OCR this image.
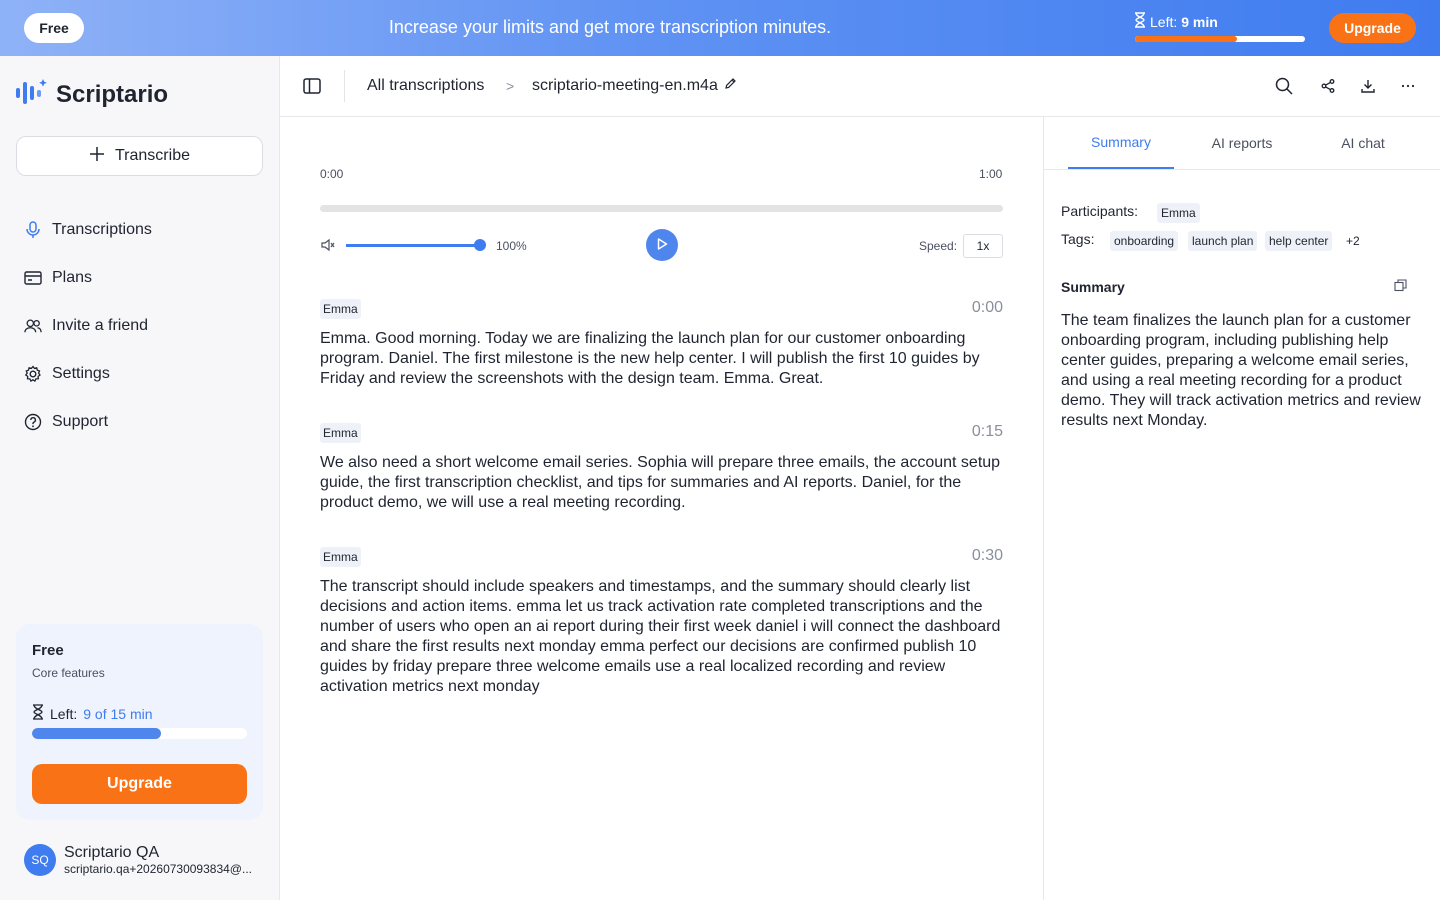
Free	Increase your limits and get more transcription minutes.	Left: 9 min	Upgrade
Scriptario
Transcribe
Transcriptions
Plans
Invite a friend
Settings
Support
Free
Core features
Left: 9 of 15 min
Upgrade
SQ Scriptario QA
scriptario.qa+20260730093834@...
All transcriptions > scriptario-meeting-en.m4a
0:00	1:00
100%	Speed:	1x
Emma	0:00
Emma. Good morning. Today we are finalizing the launch plan for our customer onboarding program. Daniel. The first milestone is the new help center. I will publish the first 10 guides by Friday and review the screenshots with the design team. Emma. Great.
Emma	0:15
We also need a short welcome email series. Sophia will prepare three emails, the account setup guide, the first transcription checklist, and tips for summaries and AI reports. Daniel, for the product demo, we will use a real meeting recording.
Emma	0:30
The transcript should include speakers and timestamps, and the summary should clearly list decisions and action items. emma let us track activation rate completed transcriptions and the number of users who open an ai report during their first week daniel i will connect the dashboard and share the first results next monday emma perfect our decisions are confirmed publish 10 guides by friday prepare three welcome emails use a real localized recording and review activation metrics next monday
Summary	AI reports	AI chat
Participants:	Emma
Tags:	onboarding	launch plan	help center	+2
Summary
The team finalizes the launch plan for a customer onboarding program, including publishing help center guides, preparing a welcome email series, and using a real meeting recording for a product demo. They will track activation metrics and review results next Monday.
